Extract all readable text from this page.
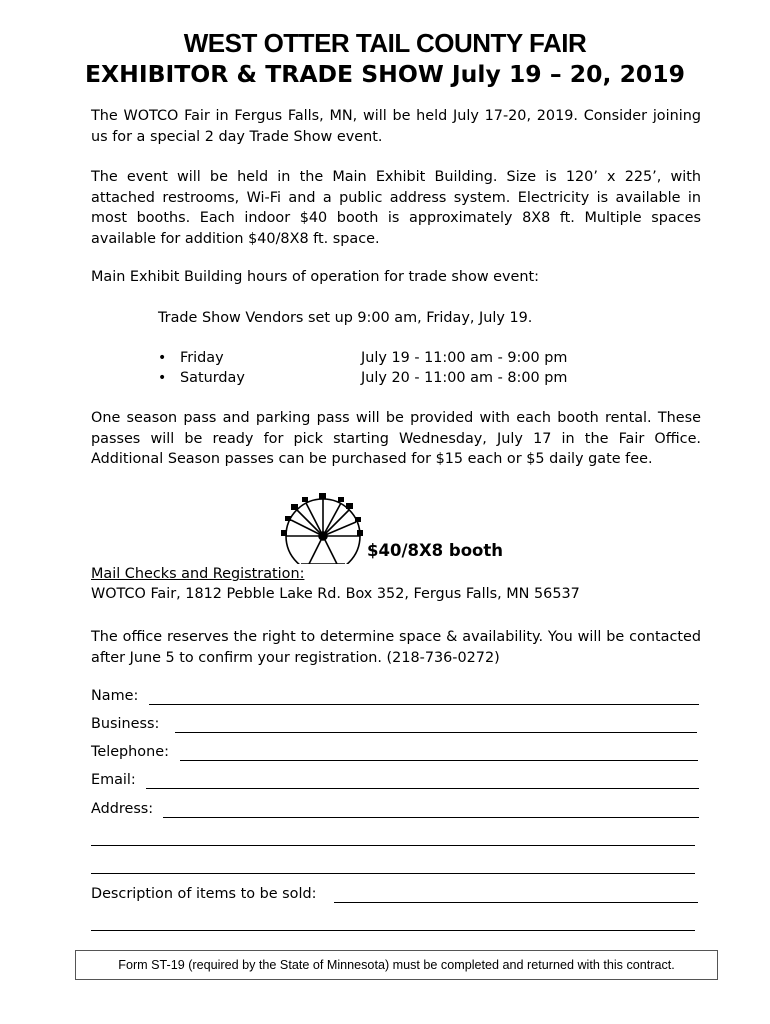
WEST OTTER TAIL COUNTY FAIR
EXHIBITOR & TRADE SHOW July 19 – 20, 2019

The WOTCO Fair in Fergus Falls, MN, will be held July 17-20, 2019. Consider joining us for a special 2 day Trade Show event.

The event will be held in the Main Exhibit Building. Size is 120’ x 225’, with attached restrooms, Wi-Fi and a public address system. Electricity is available in most booths. Each indoor $40 booth is approximately 8X8 ft. Multiple spaces available for addition $40/8X8 ft. space.

Main Exhibit Building hours of operation for trade show event:

Trade Show Vendors set up 9:00 am, Friday, July 19.

• Friday	July 19 - 11:00 am - 9:00 pm
• Saturday	July 20 - 11:00 am - 8:00 pm

One season pass and parking pass will be provided with each booth rental. These passes will be ready for pick starting Wednesday, July 17 in the Fair Office. Additional Season passes can be purchased for $15 each or $5 daily gate fee.

$40/8X8 booth

Mail Checks and Registration:

WOTCO Fair, 1812 Pebble Lake Rd. Box 352, Fergus Falls, MN 56537

The office reserves the right to determine space & availability. You will be contacted after June 5 to confirm your registration. (218-736-0272)

Name:
Business:
Telephone:
Email:
Address:
Description of items to be sold:
Form ST-19 (required by the State of Minnesota) must be completed and returned with this contract.
